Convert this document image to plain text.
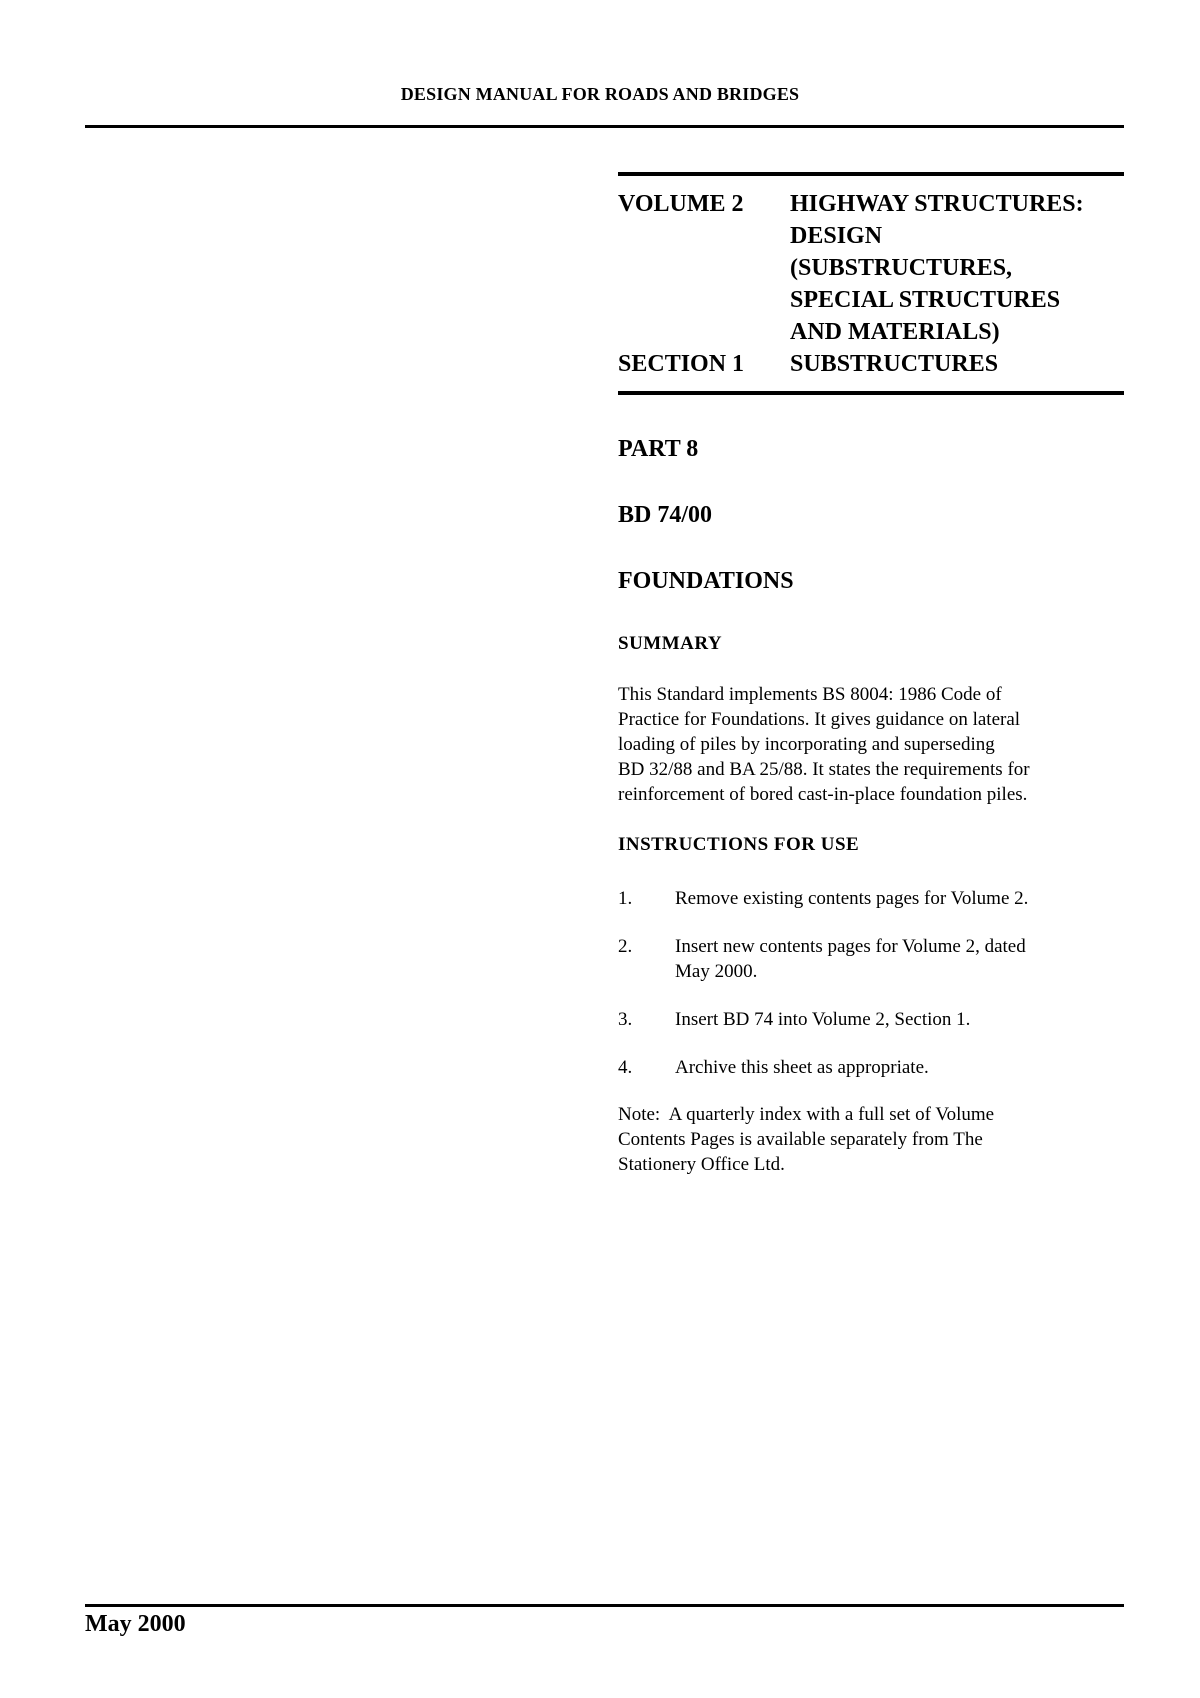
DESIGN MANUAL FOR ROADS AND BRIDGES
VOLUME 2	HIGHWAY STRUCTURES:
DESIGN
(SUBSTRUCTURES,
SPECIAL STRUCTURES
AND MATERIALS)
SECTION 1	SUBSTRUCTURES

PART 8

BD 74/00

FOUNDATIONS

SUMMARY

This Standard implements BS 8004: 1986 Code of

Practice for Foundations. It gives guidance on lateral

loading of piles by incorporating and superseding

BD 32/88 and BA 25/88. It states the requirements for

reinforcement of bored cast-in-place foundation piles.

INSTRUCTIONS FOR USE

1.	Remove existing contents pages for Volume 2.
2.	Insert new contents pages for Volume 2, dated
May 2000.
3.	Insert BD 74 into Volume 2, Section 1.
4.	Archive this sheet as appropriate.

Note:  A quarterly index with a full set of Volume

Contents Pages is available separately from The

Stationery Office Ltd.

May 2000
